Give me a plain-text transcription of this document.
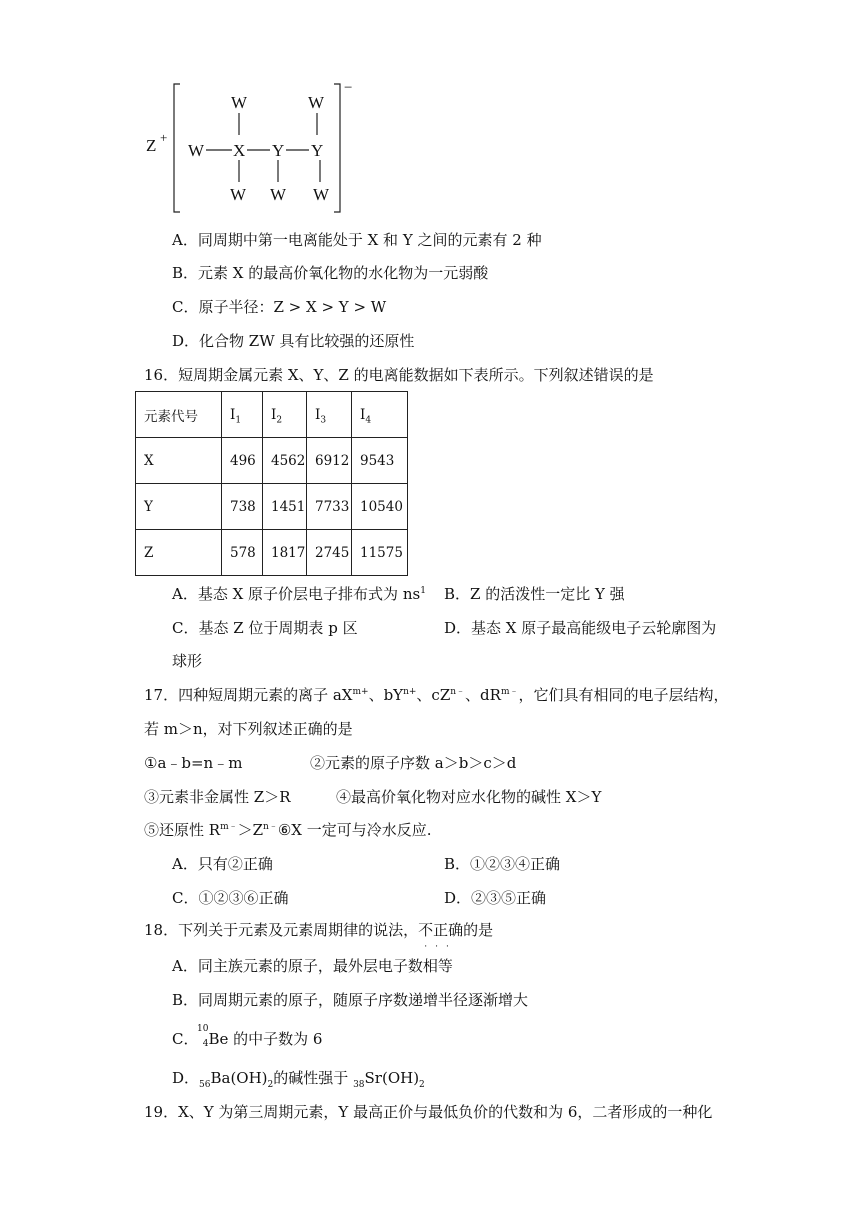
Z +
−
W	W
W X Y Y
W W W
A．同周期中第一电离能处于 X 和 Y 之间的元素有 2 种
B．元素 X 的最高价氧化物的水化物为一元弱酸
C．原子半径：Z > X > Y > W
D．化合物 ZW 具有比较强的还原性
16．短周期金属元素 X、Y、Z 的电离能数据如下表所示。下列叙述错误的是
元素代号	$I_1$	$I_2$	$I_3$	$I_4$
X	496	4562	6912	9543
Y	738	1451	7733	10540
Z	578	1817	2745	11575
A．基态 X 原子价层电子排布式为 $ns^1$ B．Z 的活泼性一定比 Y 强
C．基态 Z 位于周期表 p 区	D．基态 X 原子最高能级电子云轮廓图为
球形
17．四种短周期元素的离子 $aX^{m+}$、$bY^{n+}$、$cZ^{n﹣}$、$dR^{m﹣}$，它们具有相同的电子层结构，
若 m＞n，对下列叙述正确的是
①a﹣b=n﹣m	②元素的原子序数 a＞b＞c＞d
③元素非金属性 Z＞R	④最高价氧化物对应水化物的碱性 X＞Y
⑤还原性 $R^{m﹣}>Z^{n﹣}⑥X$ 一定可与冷水反应.
A．只有②正确	B．①②③④正确
C．①②③⑥正确	D．②③⑤正确
18．下列关于元素及元素周期律的说法，不正确
···
的是
A．同主族元素的原子，最外层电子数相等
B．同周期元素的原子，随原子序数递增半径逐渐增大
C．
10
4 Be 的中子数为 6
D．$_{56}Ba(OH)_2$的碱性强于 $_{38}Sr(OH)_2$
19．X、Y 为第三周期元素，Y 最高正价与最低负价的代数和为 6，二者形成的一种化
